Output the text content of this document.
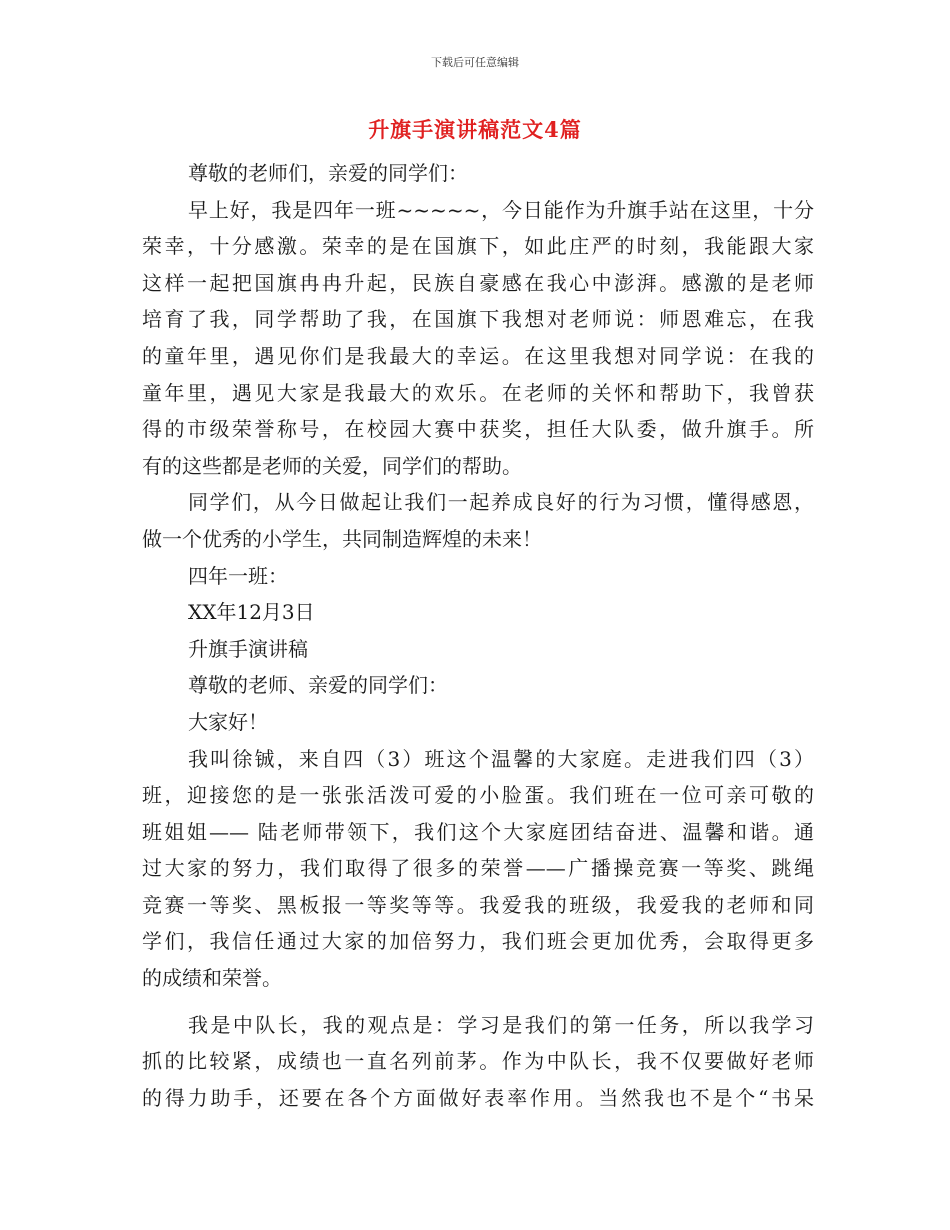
下载后可任意编辑
升旗手演讲稿范文4篇
尊敬的老师们，亲爱的同学们：
早上好，我是四年一班~~~~~，今日能作为升旗手站在这里，十分
荣幸，十分感激。荣幸的是在国旗下，如此庄严的时刻，我能跟大家
这样一起把国旗冉冉升起，民族自豪感在我心中澎湃。感激的是老师
培育了我，同学帮助了我，在国旗下我想对老师说：师恩难忘，在我
的童年里，遇见你们是我最大的幸运。在这里我想对同学说：在我的
童年里，遇见大家是我最大的欢乐。在老师的关怀和帮助下，我曾获
得的市级荣誉称号，在校园大赛中获奖，担任大队委，做升旗手。所
有的这些都是老师的关爱，同学们的帮助。
同学们，从今日做起让我们一起养成良好的行为习惯，懂得感恩，
做一个优秀的小学生，共同制造辉煌的未来！
四年一班：
XX年12月3日
升旗手演讲稿
尊敬的老师、亲爱的同学们：
大家好！
我叫徐铖，来自四（3）班这个温馨的大家庭。走进我们四（3）
班，迎接您的是一张张活泼可爱的小脸蛋。我们班在一位可亲可敬的
班姐姐—— 陆老师带领下，我们这个大家庭团结奋进、温馨和谐。通
过大家的努力，我们取得了很多的荣誉——广播操竞赛一等奖、跳绳
竞赛一等奖、黑板报一等奖等等。我爱我的班级，我爱我的老师和同
学们，我信任通过大家的加倍努力，我们班会更加优秀，会取得更多
的成绩和荣誉。
我是中队长，我的观点是：学习是我们的第一任务，所以我学习
抓的比较紧，成绩也一直名列前茅。作为中队长，我不仅要做好老师
的得力助手，还要在各个方面做好表率作用。当然我也不是个“书呆
